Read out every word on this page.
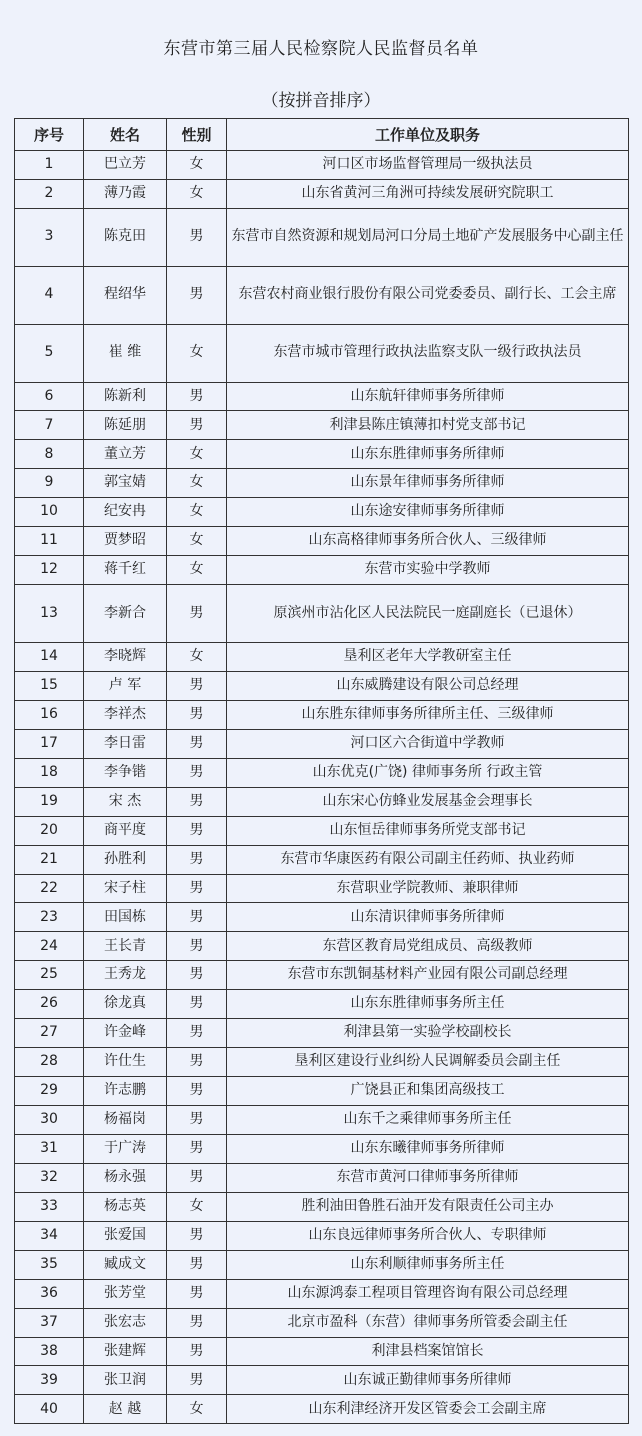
东营市第三届人民检察院人民监督员名单
（按拼音排序）
序号	姓名	性别	工作单位及职务
1	巴立芳	女	河口区市场监督管理局一级执法员
2	薄乃霞	女	山东省黄河三角洲可持续发展研究院职工
3	陈克田	男	东营市自然资源和规划局河口分局土地矿产发展服务中心副主任
4	程绍华	男	东营农村商业银行股份有限公司党委委员、副行长、工会主席
5	崔 维	女	东营市城市管理行政执法监察支队一级行政执法员
6	陈新利	男	山东航轩律师事务所律师
7	陈延朋	男	利津县陈庄镇薄扣村党支部书记
8	董立芳	女	山东东胜律师事务所律师
9	郭宝婧	女	山东景年律师事务所律师
10	纪安冉	女	山东途安律师事务所律师
11	贾梦昭	女	山东高格律师事务所合伙人、三级律师
12	蒋千红	女	东营市实验中学教师
13	李新合	男	原滨州市沾化区人民法院民一庭副庭长（已退休）
14	李晓辉	女	垦利区老年大学教研室主任
15	卢 军	男	山东威腾建设有限公司总经理
16	李祥杰	男	山东胜东律师事务所律所主任、三级律师
17	李日雷	男	河口区六合街道中学教师
18	李争锴	男	山东优克(广饶) 律师事务所 行政主管
19	宋 杰	男	山东宋心仿蜂业发展基金会理事长
20	商平度	男	山东恒岳律师事务所党支部书记
21	孙胜利	男	东营市华康医药有限公司副主任药师、执业药师
22	宋子柱	男	东营职业学院教师、兼职律师
23	田国栋	男	山东清识律师事务所律师
24	王长青	男	东营区教育局党组成员、高级教师
25	王秀龙	男	东营市东凯铜基材料产业园有限公司副总经理
26	徐龙真	男	山东东胜律师事务所主任
27	许金峰	男	利津县第一实验学校副校长
28	许仕生	男	垦利区建设行业纠纷人民调解委员会副主任
29	许志鹏	男	广饶县正和集团高级技工
30	杨福岗	男	山东千之乘律师事务所主任
31	于广涛	男	山东东曦律师事务所律师
32	杨永强	男	东营市黄河口律师事务所律师
33	杨志英	女	胜利油田鲁胜石油开发有限责任公司主办
34	张爱国	男	山东良远律师事务所合伙人、专职律师
35	臧成文	男	山东利顺律师事务所主任
36	张芳堂	男	山东源鸿泰工程项目管理咨询有限公司总经理
37	张宏志	男	北京市盈科（东营）律师事务所管委会副主任
38	张建辉	男	利津县档案馆馆长
39	张卫润	男	山东诚正勤律师事务所律师
40	赵 越	女	山东利津经济开发区管委会工会副主席
